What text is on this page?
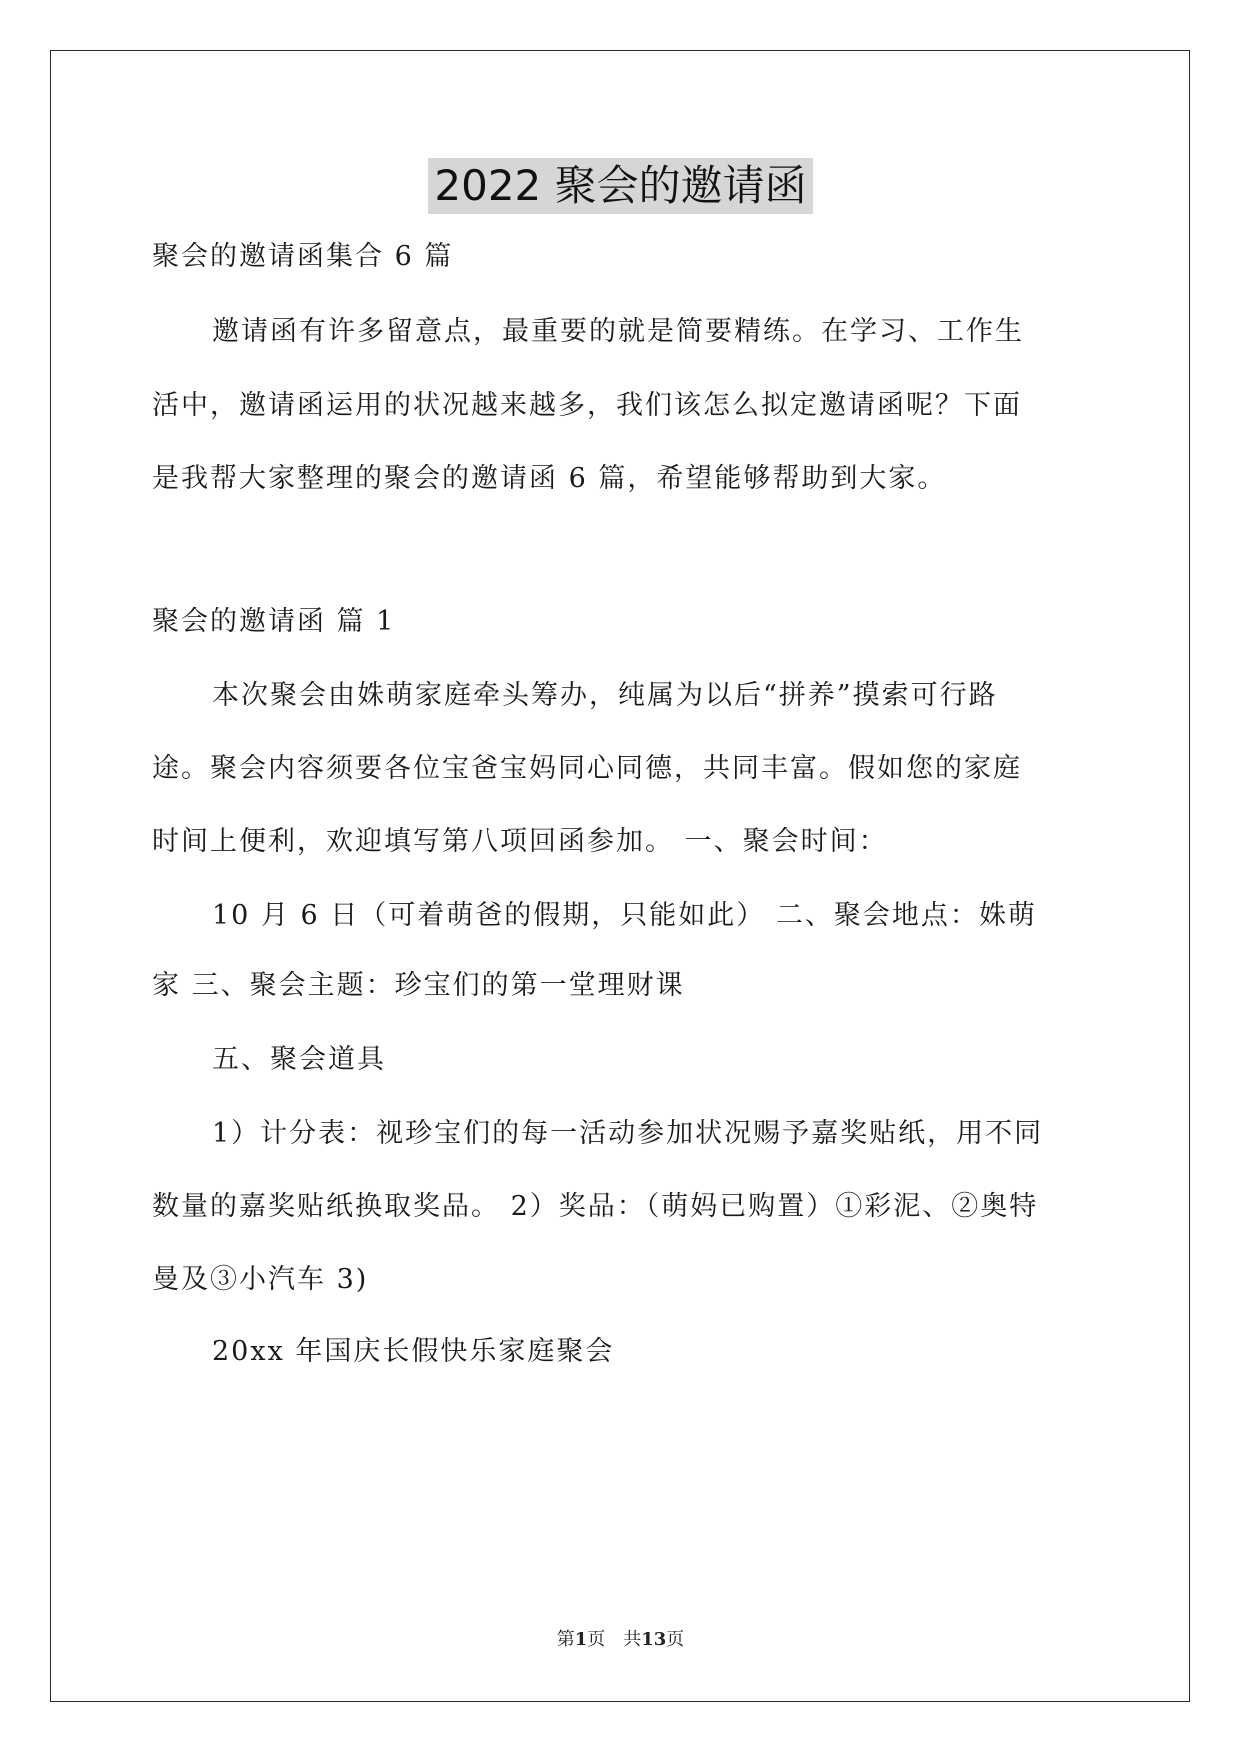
2022 聚会的邀请函
聚会的邀请函集合 6 篇
邀请函有许多留意点，最重要的就是简要精练。在学习、工作生
活中，邀请函运用的状况越来越多，我们该怎么拟定邀请函呢？下面
是我帮大家整理的聚会的邀请函 6 篇，希望能够帮助到大家。
聚会的邀请函 篇 1
本次聚会由姝萌家庭牵头筹办，纯属为以后“拼养”摸索可行路
途。聚会内容须要各位宝爸宝妈同心同德，共同丰富。假如您的家庭
时间上便利，欢迎填写第八项回函参加。 一、聚会时间：
10 月 6 日（可着萌爸的假期，只能如此） 二、聚会地点：姝萌
家 三、聚会主题：珍宝们的第一堂理财课
五、聚会道具
1）计分表：视珍宝们的每一活动参加状况赐予嘉奖贴纸，用不同
数量的嘉奖贴纸换取奖品。 2）奖品：（萌妈已购置）①彩泥、②奥特
曼及③小汽车 3)
20xx 年国庆长假快乐家庭聚会
第1页　共13页
